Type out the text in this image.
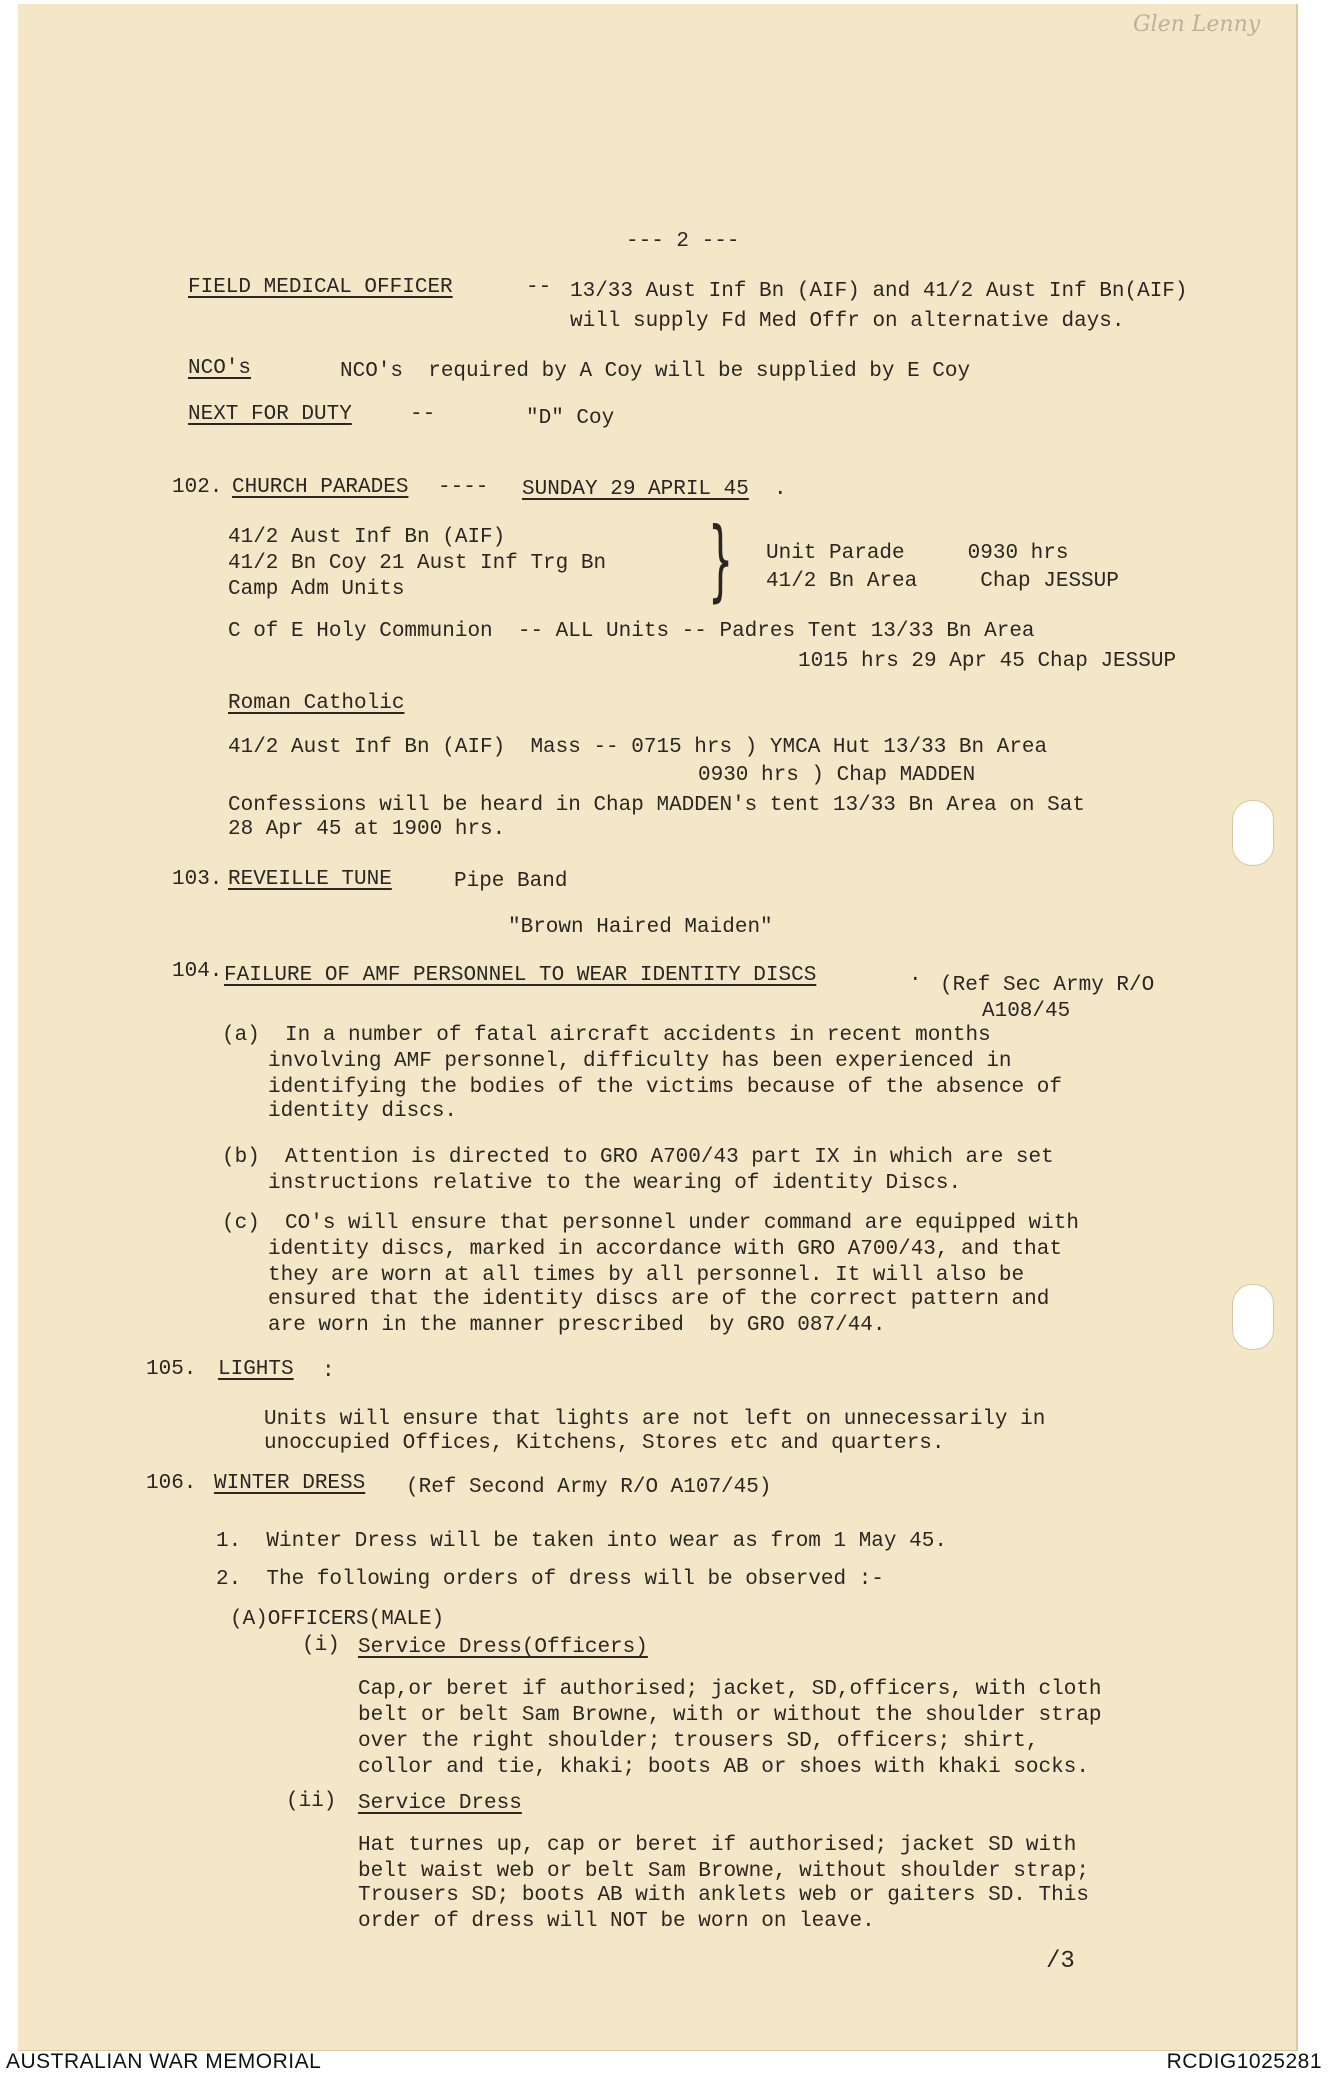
Glen Lenny
--- 2 ---
FIELD MEDICAL OFFICER	-- 13/33 Aust Inf Bn (AIF) and 41/2 Aust Inf Bn(AIF)
will supply Fd Med Offr on alternative days.
NCO's	NCO's  required by A Coy will be supplied by E Coy
NEXT FOR DUTY	--	"D" Coy
102. CHURCH PARADES ---- SUNDAY 29 APRIL 45 .
41/2 Aust Inf Bn (AIF)
41/2 Bn Coy 21 Aust Inf Trg Bn
Camp Adm Units	} Unit Parade     0930 hrs
41/2 Bn Area     Chap JESSUP
C of E Holy Communion  -- ALL Units -- Padres Tent 13/33 Bn Area
1015 hrs 29 Apr 45 Chap JESSUP
Roman Catholic
41/2 Aust Inf Bn (AIF)  Mass -- 0715 hrs ) YMCA Hut 13/33 Bn Area
0930 hrs ) Chap MADDEN
Confessions will be heard in Chap MADDEN's tent 13/33 Bn Area on Sat
28 Apr 45 at 1900 hrs.
103. REVEILLE TUNE	Pipe Band
"Brown Haired Maiden"
104. FAILURE OF AMF PERSONNEL TO WEAR IDENTITY DISCS	. (Ref Sec Army R/O
A108/45
(a)  In a number of fatal aircraft accidents in recent months
involving AMF personnel, difficulty has been experienced in
identifying the bodies of the victims because of the absence of
identity discs.
(b)  Attention is directed to GRO A700/43 part IX in which are set
instructions relative to the wearing of identity Discs.
(c)  CO's will ensure that personnel under command are equipped with
identity discs, marked in accordance with GRO A700/43, and that
they are worn at all times by all personnel. It will also be
ensured that the identity discs are of the correct pattern and
are worn in the manner prescribed  by GRO 087/44.
105. LIGHTS :
Units will ensure that lights are not left on unnecessarily in
unoccupied Offices, Kitchens, Stores etc and quarters.
106. WINTER DRESS (Ref Second Army R/O A107/45)
1.  Winter Dress will be taken into wear as from 1 May 45.
2.  The following orders of dress will be observed :-
(A)OFFICERS(MALE)
(i) Service Dress(Officers)
Cap,or beret if authorised; jacket, SD,officers, with cloth
belt or belt Sam Browne, with or without the shoulder strap
over the right shoulder; trousers SD, officers; shirt,
collor and tie, khaki; boots AB or shoes with khaki socks.
(ii) Service Dress
Hat turnes up, cap or beret if authorised; jacket SD with
belt waist web or belt Sam Browne, without shoulder strap;
Trousers SD; boots AB with anklets web or gaiters SD. This
order of dress will NOT be worn on leave.
/3
AUSTRALIAN WAR MEMORIAL	RCDIG1025281
